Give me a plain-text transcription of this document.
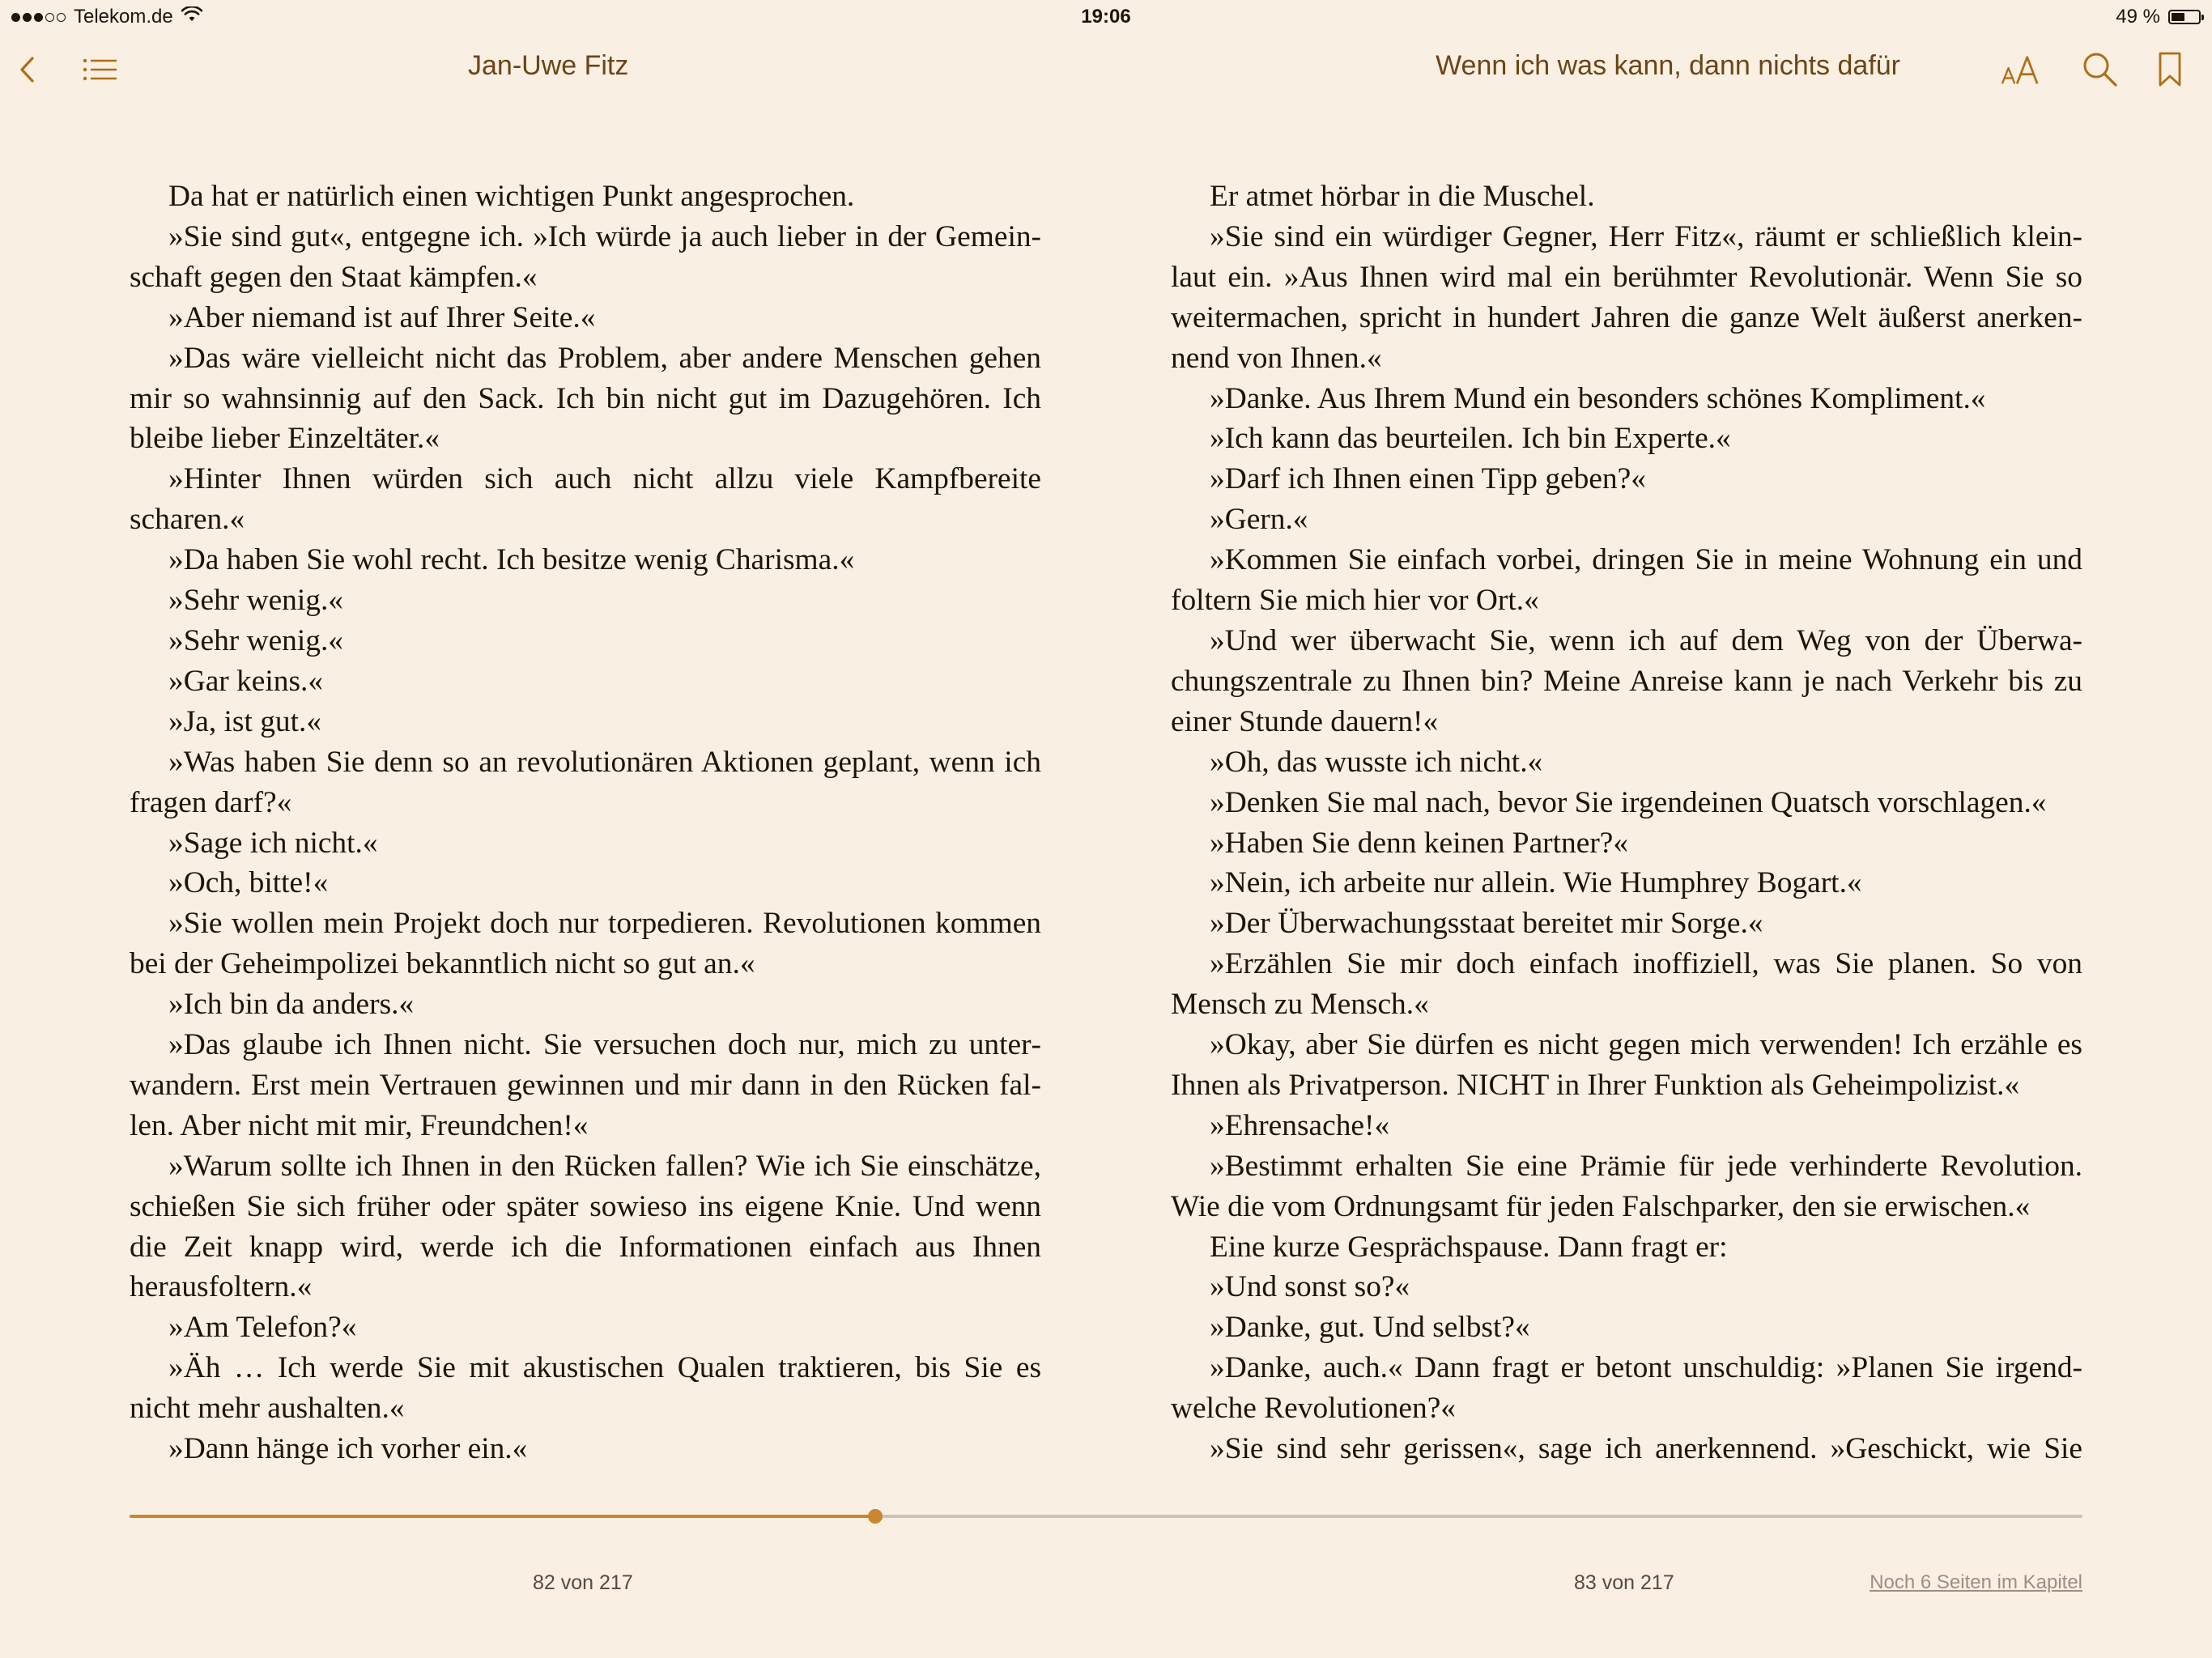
Telekom.de	19:06	49 %
Jan-Uwe Fitz	Wenn ich was kann, dann nichts dafür

Da hat er natürlich einen wichtigen Punkt angesprochen.

»Sie sind gut«, entgegne ich. »Ich würde ja auch lieber in der Gemeinschaft gegen den Staat kämpfen.«

»Aber niemand ist auf Ihrer Seite.«

»Das wäre vielleicht nicht das Problem, aber andere Menschen gehen mir so wahnsinnig auf den Sack. Ich bin nicht gut im Dazugehören. Ich bleibe lieber Einzeltäter.«

»Hinter Ihnen würden sich auch nicht allzu viele Kampfbereite scharen.«

»Da haben Sie wohl recht. Ich besitze wenig Charisma.«

»Sehr wenig.«

»Sehr wenig.«

»Gar keins.«

»Ja, ist gut.«

»Was haben Sie denn so an revolutionären Aktionen geplant, wenn ich fragen darf?«

»Sage ich nicht.«

»Och, bitte!«

»Sie wollen mein Projekt doch nur torpedieren. Revolutionen kommen bei der Geheimpolizei bekanntlich nicht so gut an.«

»Ich bin da anders.«

»Das glaube ich Ihnen nicht. Sie versuchen doch nur, mich zu unterwandern. Erst mein Vertrauen gewinnen und mir dann in den Rücken fallen. Aber nicht mit mir, Freundchen!«

»Warum sollte ich Ihnen in den Rücken fallen? Wie ich Sie einschätze, schießen Sie sich früher oder später sowieso ins eigene Knie. Und wenn die Zeit knapp wird, werde ich die Informationen einfach aus Ihnen herausfoltern.«

»Am Telefon?«

»Äh … Ich werde Sie mit akustischen Qualen traktieren, bis Sie es nicht mehr aushalten.«

»Dann hänge ich vorher ein.«

Er atmet hörbar in die Muschel.

»Sie sind ein würdiger Gegner, Herr Fitz«, räumt er schließlich kleinlaut ein. »Aus Ihnen wird mal ein berühmter Revolutionär. Wenn Sie so weitermachen, spricht in hundert Jahren die ganze Welt äußerst anerkennend von Ihnen.«

»Danke. Aus Ihrem Mund ein besonders schönes Kompliment.«

»Ich kann das beurteilen. Ich bin Experte.«

»Darf ich Ihnen einen Tipp geben?«

»Gern.«

»Kommen Sie einfach vorbei, dringen Sie in meine Wohnung ein und foltern Sie mich hier vor Ort.«

»Und wer überwacht Sie, wenn ich auf dem Weg von der Überwachungszentrale zu Ihnen bin? Meine Anreise kann je nach Verkehr bis zu einer Stunde dauern!«

»Oh, das wusste ich nicht.«

»Denken Sie mal nach, bevor Sie irgendeinen Quatsch vorschlagen.«

»Haben Sie denn keinen Partner?«

»Nein, ich arbeite nur allein. Wie Humphrey Bogart.«

»Der Überwachungsstaat bereitet mir Sorge.«

»Erzählen Sie mir doch einfach inoffiziell, was Sie planen. So von Mensch zu Mensch.«

»Okay, aber Sie dürfen es nicht gegen mich verwenden! Ich erzähle es Ihnen als Privatperson. NICHT in Ihrer Funktion als Geheimpolizist.«

»Ehrensache!«

»Bestimmt erhalten Sie eine Prämie für jede verhinderte Revolution. Wie die vom Ordnungsamt für jeden Falschparker, den sie erwischen.«

Eine kurze Gesprächspause. Dann fragt er:

»Und sonst so?«

»Danke, gut. Und selbst?«

»Danke, auch.« Dann fragt er betont unschuldig: »Planen Sie irgendwelche Revolutionen?«

»Sie sind sehr gerissen«, sage ich anerkennend. »Geschickt, wie Sie

82 von 217	83 von 217	Noch 6 Seiten im Kapitel
